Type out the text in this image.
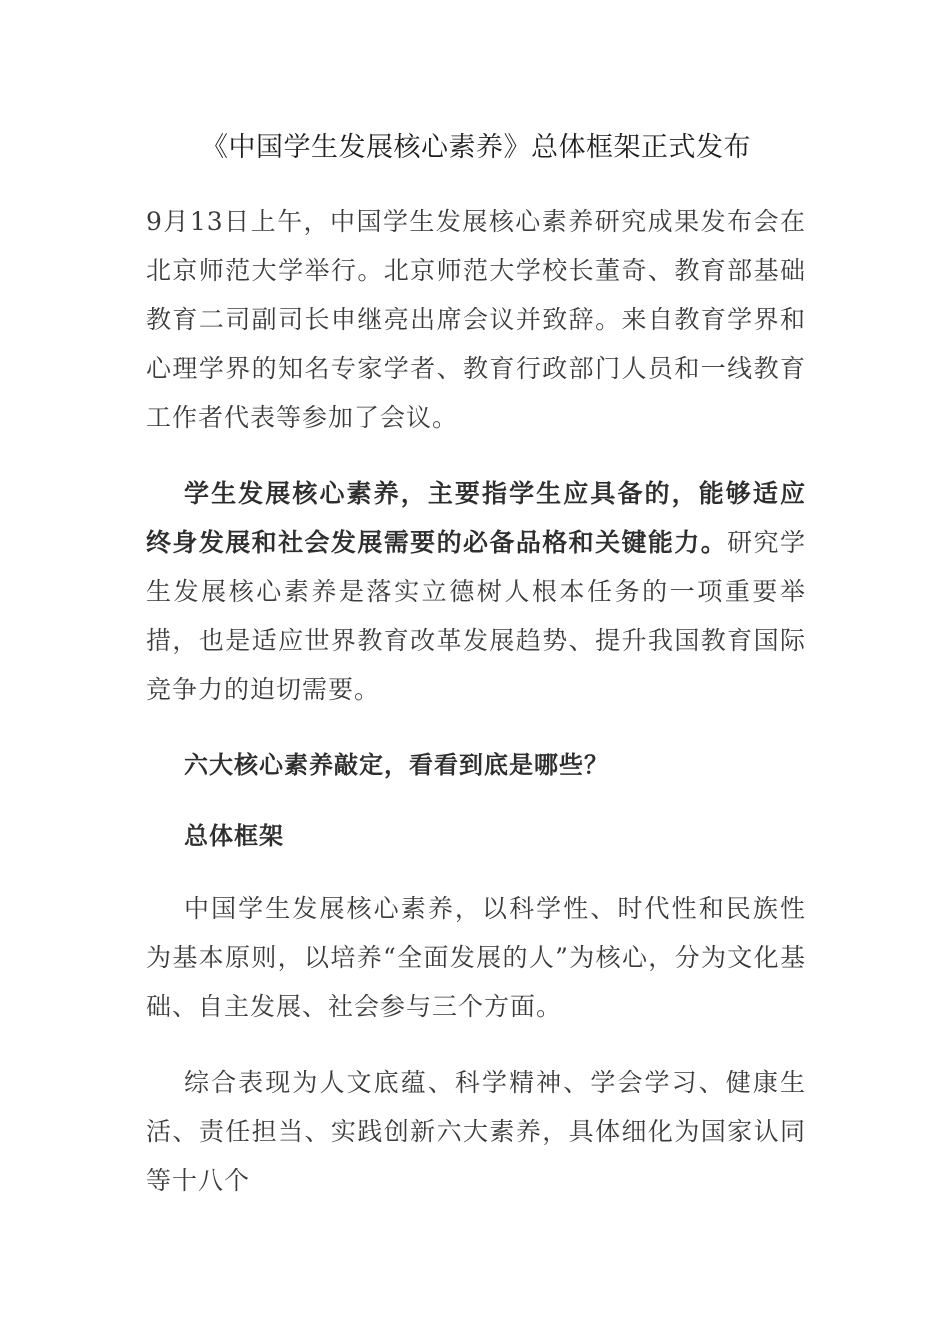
《中国学生发展核心素养》总体框架正式发布

9月13日上午，中国学生发展核心素养研究成果发布会在北京师范大学举行。北京师范大学校长董奇、教育部基础教育二司副司长申继亮出席会议并致辞。来自教育学界和心理学界的知名专家学者、教育行政部门人员和一线教育工作者代表等参加了会议。

学生发展核心素养，主要指学生应具备的，能够适应终身发展和社会发展需要的必备品格和关键能力。研究学生发展核心素养是落实立德树人根本任务的一项重要举措，也是适应世界教育改革发展趋势、提升我国教育国际竞争力的迫切需要。

六大核心素养敲定，看看到底是哪些？
总体框架

中国学生发展核心素养，以科学性、时代性和民族性为基本原则，以培养“全面发展的人”为核心，分为文化基础、自主发展、社会参与三个方面。

综合表现为人文底蕴、科学精神、学会学习、健康生活、责任担当、实践创新六大素养，具体细化为国家认同等十八个
